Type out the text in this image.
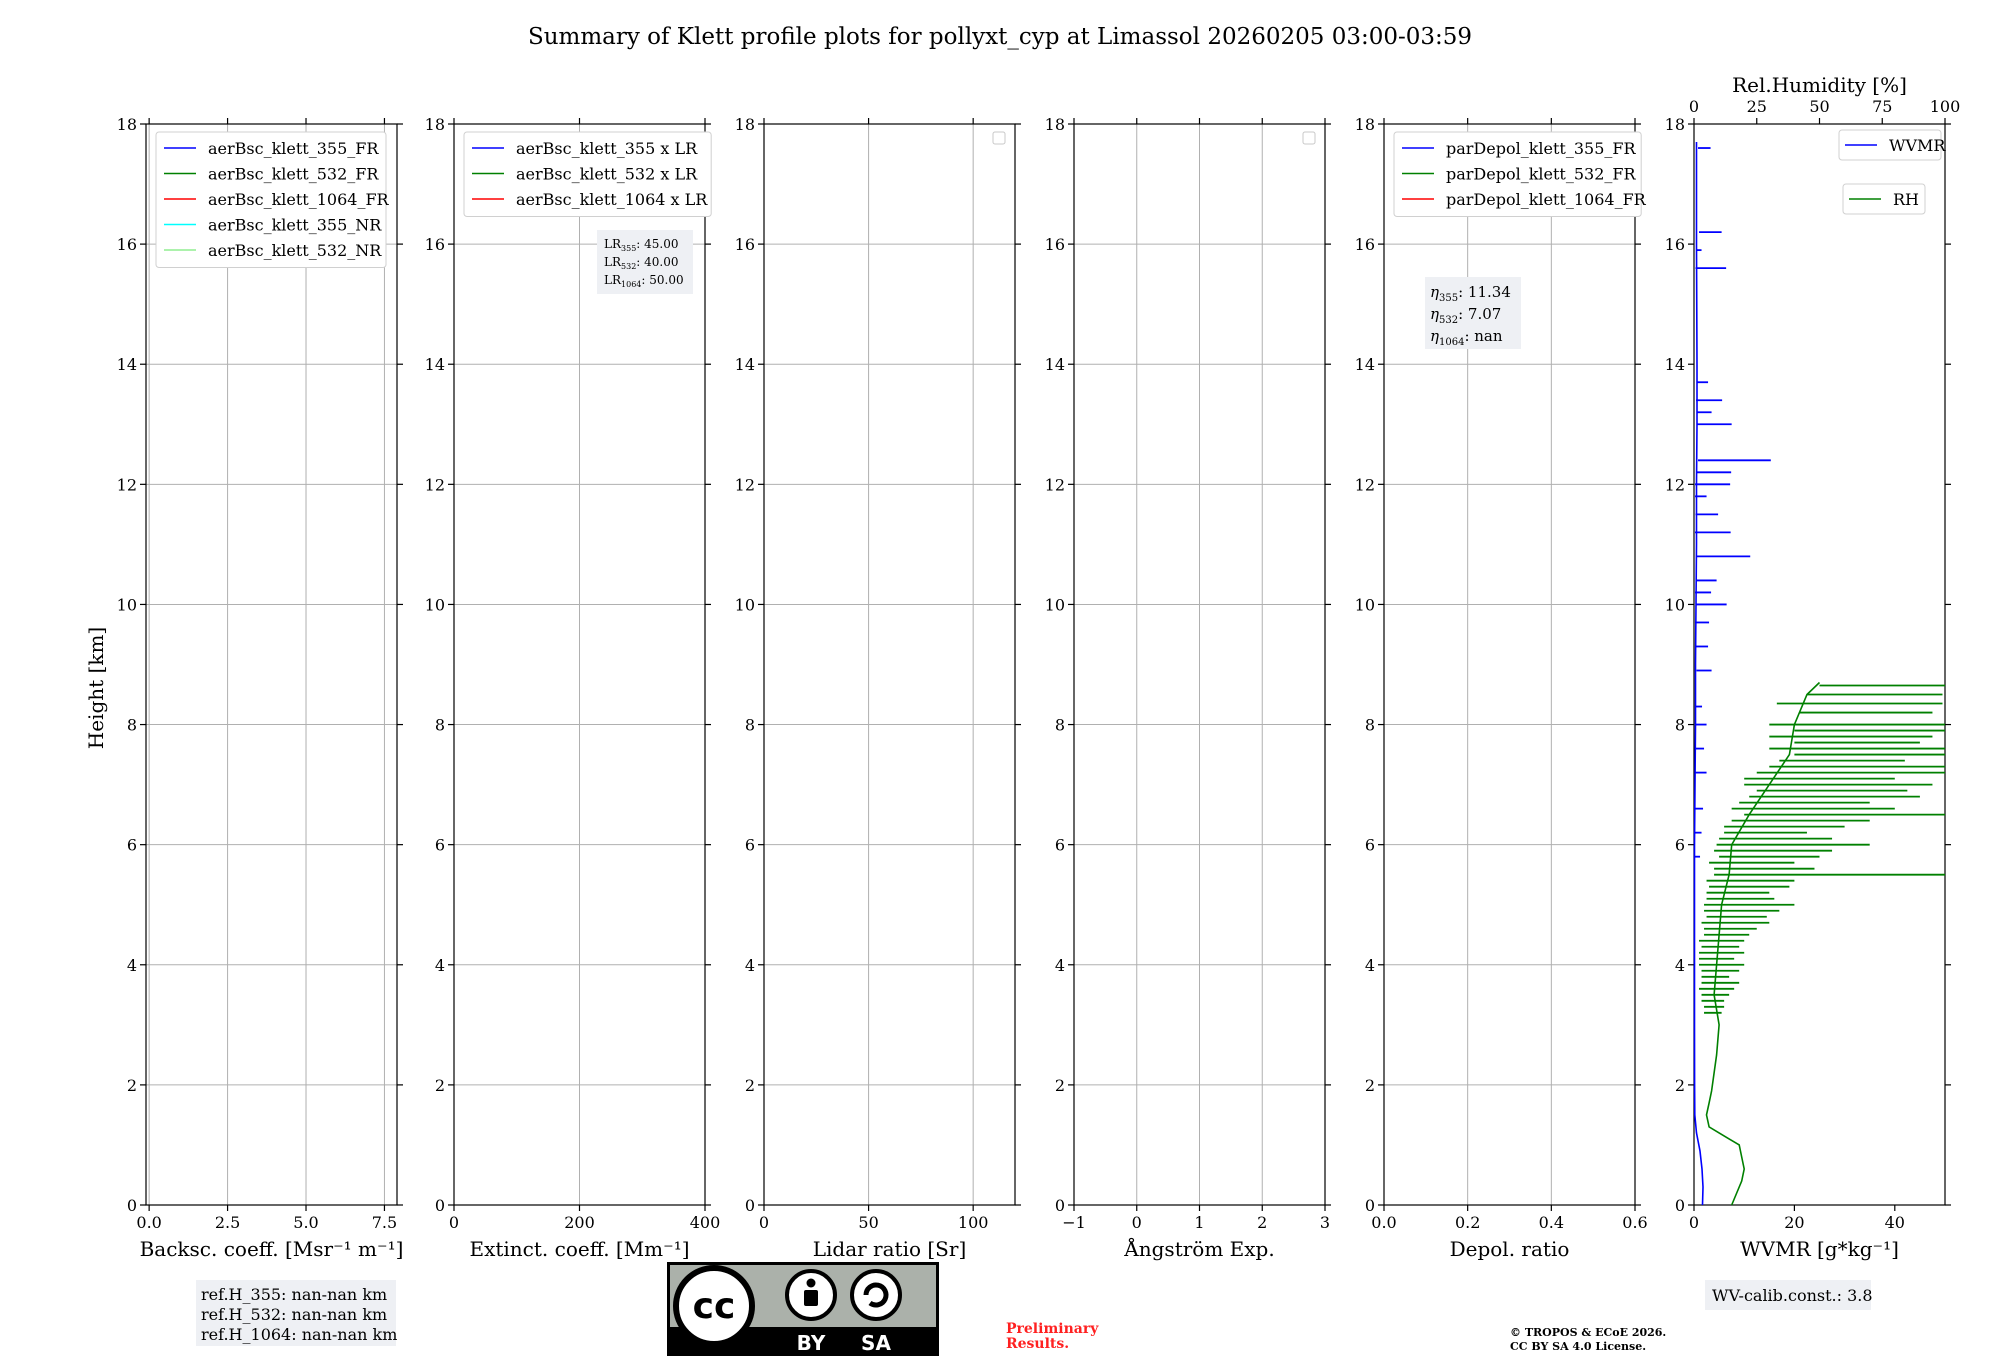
Summary of Klett profile plots for pollyxt_cyp at Limassol 20260205 03:00-03:59
Height [km]
0
2
4
6
8
10
12
14
16
18
0.0	2.5	5.0	7.5
Backsc. coeff. [Msr⁻¹ m⁻¹]
aerBsc_klett_355_FR
aerBsc_klett_532_FR
aerBsc_klett_1064_FR
aerBsc_klett_355_NR
aerBsc_klett_532_NR
0
2
4
6
8
10
12
14
16
18
0	200	400
Extinct. coeff. [Mm⁻¹]
aerBsc_klett_355 x LR
aerBsc_klett_532 x LR
aerBsc_klett_1064 x LR
0
2
4
6
8
10
12
14
16
18
0	50	100
Lidar ratio [Sr]
0
2
4
6
8
10
12
14
16
18
−1	0	1	2	3
Ångström Exp.
0
2
4
6
8
10
12
14
16
18
0.0	0.2	0.4	0.6
Depol. ratio
parDepol_klett_355_FR
parDepol_klett_532_FR
parDepol_klett_1064_FR
0
2
4
6
8
10
12
14
16
18
0	20	40
WVMR [g*kg⁻¹]
0	25	50	75 100
Rel.Humidity [%]
WVMR
RH
$LR_{355}$: 45.00
$LR_{532}$: 40.00
$LR_{1064}$: 50.00
$\eta_{355}$: 11.34
$\eta_{532}$: 7.07
$\eta_{1064}$: nan
ref.H_355: nan-nan km
ref.H_532: nan-nan km
ref.H_1064: nan-nan km
cc
BY SA
Preliminary
Results.
© TROPOS & ECoE 2026.
CC BY SA 4.0 License.
WV-calib.const.: 3.8
